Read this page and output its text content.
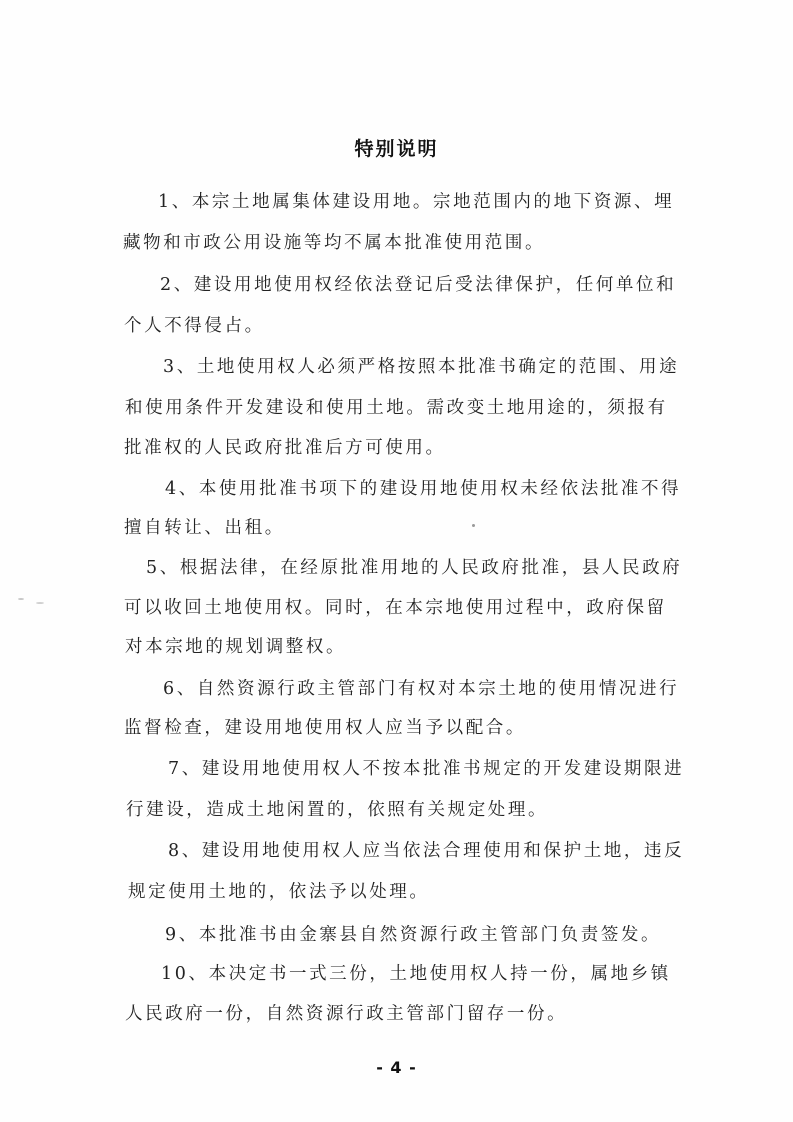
特别说明
1、本宗土地属集体建设用地。宗地范围内的地下资源、埋
藏物和市政公用设施等均不属本批准使用范围。
2、建设用地使用权经依法登记后受法律保护，任何单位和
个人不得侵占。
3、土地使用权人必须严格按照本批准书确定的范围、用途
和使用条件开发建设和使用土地。需改变土地用途的，须报有
批准权的人民政府批准后方可使用。
4、本使用批准书项下的建设用地使用权未经依法批准不得
擅自转让、出租。
5、根据法律，在经原批准用地的人民政府批准，县人民政府
可以收回土地使用权。同时，在本宗地使用过程中，政府保留
对本宗地的规划调整权。
6、自然资源行政主管部门有权对本宗土地的使用情况进行
监督检查，建设用地使用权人应当予以配合。
7、建设用地使用权人不按本批准书规定的开发建设期限进
行建设，造成土地闲置的，依照有关规定处理。
8、建设用地使用权人应当依法合理使用和保护土地，违反
规定使用土地的，依法予以处理。
9、本批准书由金寨县自然资源行政主管部门负责签发。
10、本决定书一式三份，土地使用权人持一份，属地乡镇
人民政府一份，自然资源行政主管部门留存一份。
- 4 -
